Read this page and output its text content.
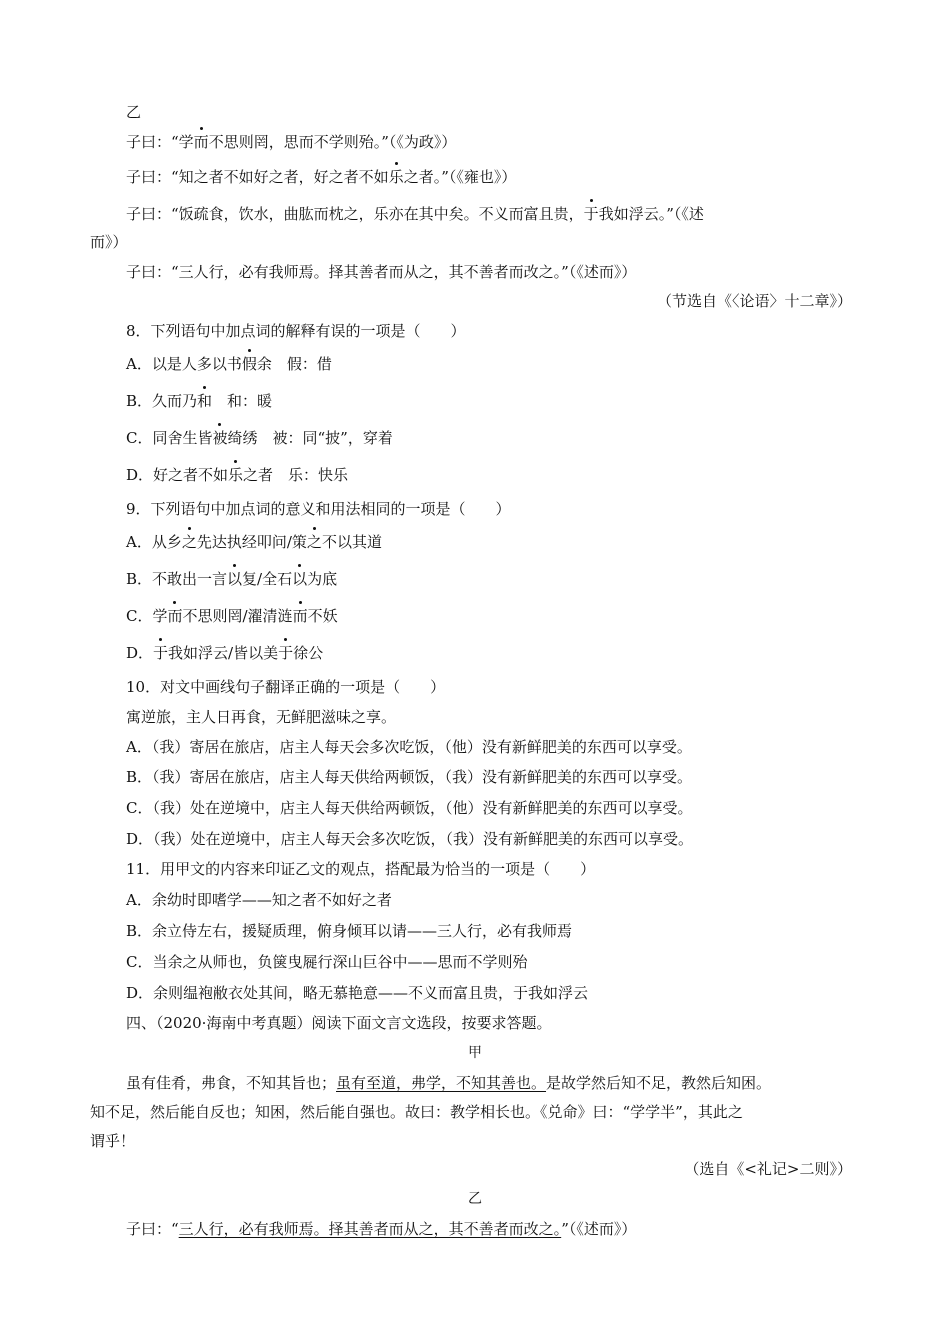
乙
子曰：“学而不思则罔，思而不学则殆。”（《为政》）
子曰：“知之者不如好之者，好之者不如乐之者。”（《雍也》）
子曰：“饭疏食，饮水，曲肱而枕之，乐亦在其中矣。不义而富且贵，于我如浮云。”（《述
而》）
子曰：“三人行，必有我师焉。择其善者而从之，其不善者而改之。”（《述而》）
（节选自《〈论语〉十二章》）
8．下列语句中加点词的解释有误的一项是（　　）
A．以是人多以书假余　假：借
B．久而乃和　和：暖
C．同舍生皆被绮绣　被：同“披”，穿着
D．好之者不如乐之者　乐：快乐
9．下列语句中加点词的意义和用法相同的一项是（　　）
A．从乡之先达执经叩问/策之不以其道
B．不敢出一言以复/全石以为底
C．学而不思则罔/濯清涟而不妖
D．于我如浮云/皆以美于徐公
10．对文中画线句子翻译正确的一项是（　　）
寓逆旅，主人日再食，无鲜肥滋味之享。
A．（我）寄居在旅店，店主人每天会多次吃饭，（他）没有新鲜肥美的东西可以享受。
B．（我）寄居在旅店，店主人每天供给两顿饭，（我）没有新鲜肥美的东西可以享受。
C．（我）处在逆境中，店主人每天供给两顿饭，（他）没有新鲜肥美的东西可以享受。
D．（我）处在逆境中，店主人每天会多次吃饭，（我）没有新鲜肥美的东西可以享受。
11．用甲文的内容来印证乙文的观点，搭配最为恰当的一项是（　　）
A．余幼时即嗜学——知之者不如好之者
B．余立侍左右，援疑质理，俯身倾耳以请——三人行，必有我师焉
C．当余之从师也，负箧曳屣行深山巨谷中——思而不学则殆
D．余则缊袍敝衣处其间，略无慕艳意——不义而富且贵，于我如浮云
四、（2020·海南中考真题）阅读下面文言文选段，按要求答题。
甲
虽有佳肴，弗食，不知其旨也；虽有至道，弗学，不知其善也。是故学然后知不足，教然后知困。
知不足，然后能自反也；知困，然后能自强也。故曰：教学相长也。《兑命》曰：“学学半”，其此之
谓乎！
（选自《<礼记>二则》）
乙
子曰：“三人行，必有我师焉。择其善者而从之，其不善者而改之。”（《述而》）
